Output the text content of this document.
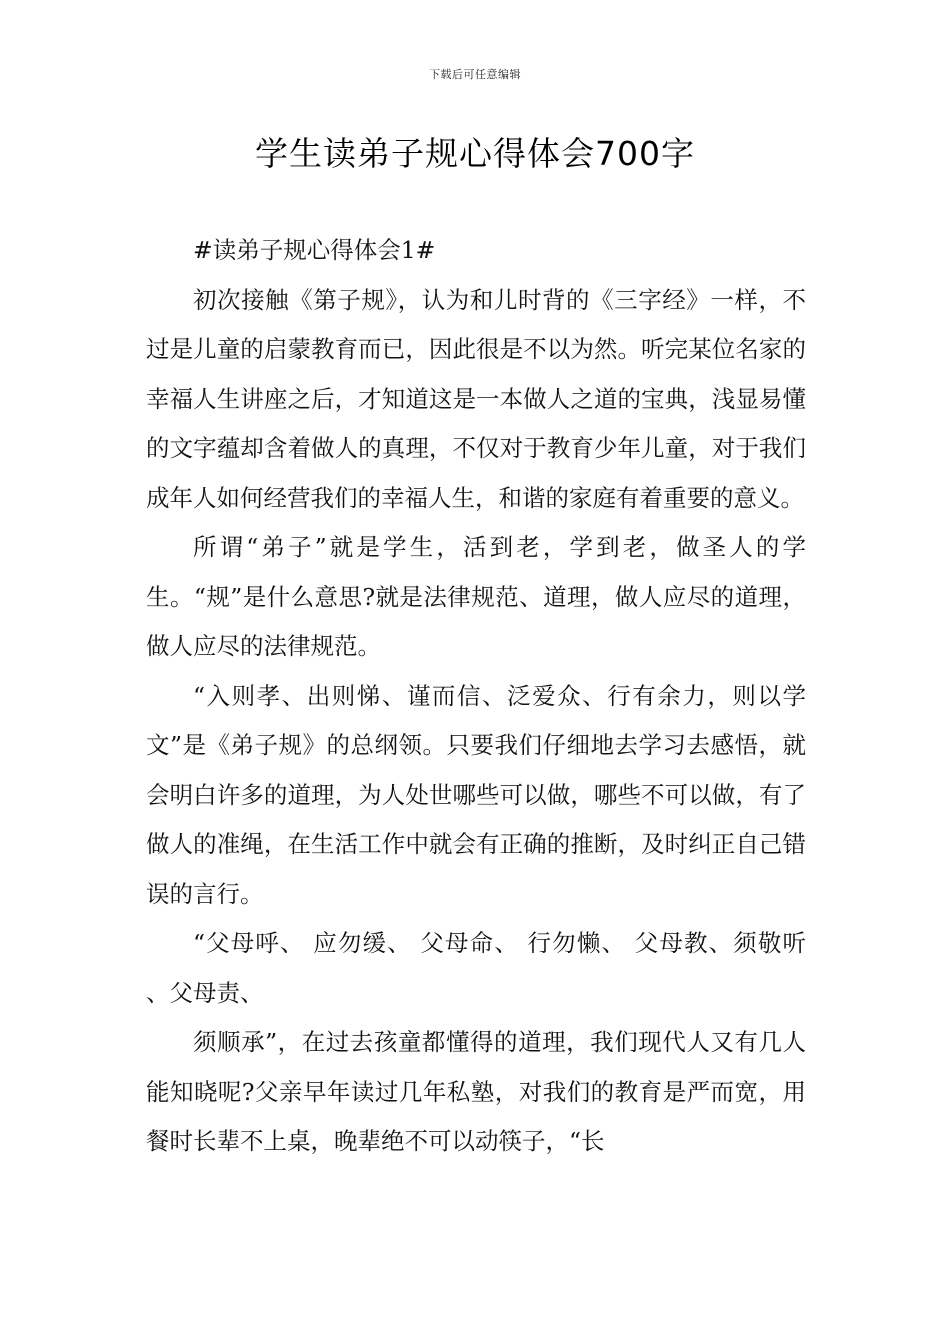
下载后可任意编辑
学生读弟子规心得体会700字

#读弟子规心得体会1#

初次接触《第子规》，认为和儿时背的《三字经》一样，不过是儿童的启蒙教育而已，因此很是不以为然。听完某位名家的幸福人生讲座之后，才知道这是一本做人之道的宝典，浅显易懂的文字蕴却含着做人的真理，不仅对于教育少年儿童，对于我们成年人如何经营我们的幸福人生，和谐的家庭有着重要的意义。

所谓“弟子”就是学生，活到老，学到老，做圣人的学生。“规”是什么意思?就是法律规范、道理，做人应尽的道理，做人应尽的法律规范。

“入则孝、出则悌、谨而信、泛爱众、行有余力，则以学文”是《弟子规》的总纲领。只要我们仔细地去学习去感悟，就会明白许多的道理，为人处世哪些可以做，哪些不可以做，有了做人的准绳，在生活工作中就会有正确的推断，及时纠正自己错误的言行。

“父母呼、 应勿缓、 父母命、 行勿懒、 父母教、须敬听 、父母责、

须顺承”，在过去孩童都懂得的道理，我们现代人又有几人能知晓呢?父亲早年读过几年私塾，对我们的教育是严而宽，用餐时长辈不上桌，晚辈绝不可以动筷子，“长
